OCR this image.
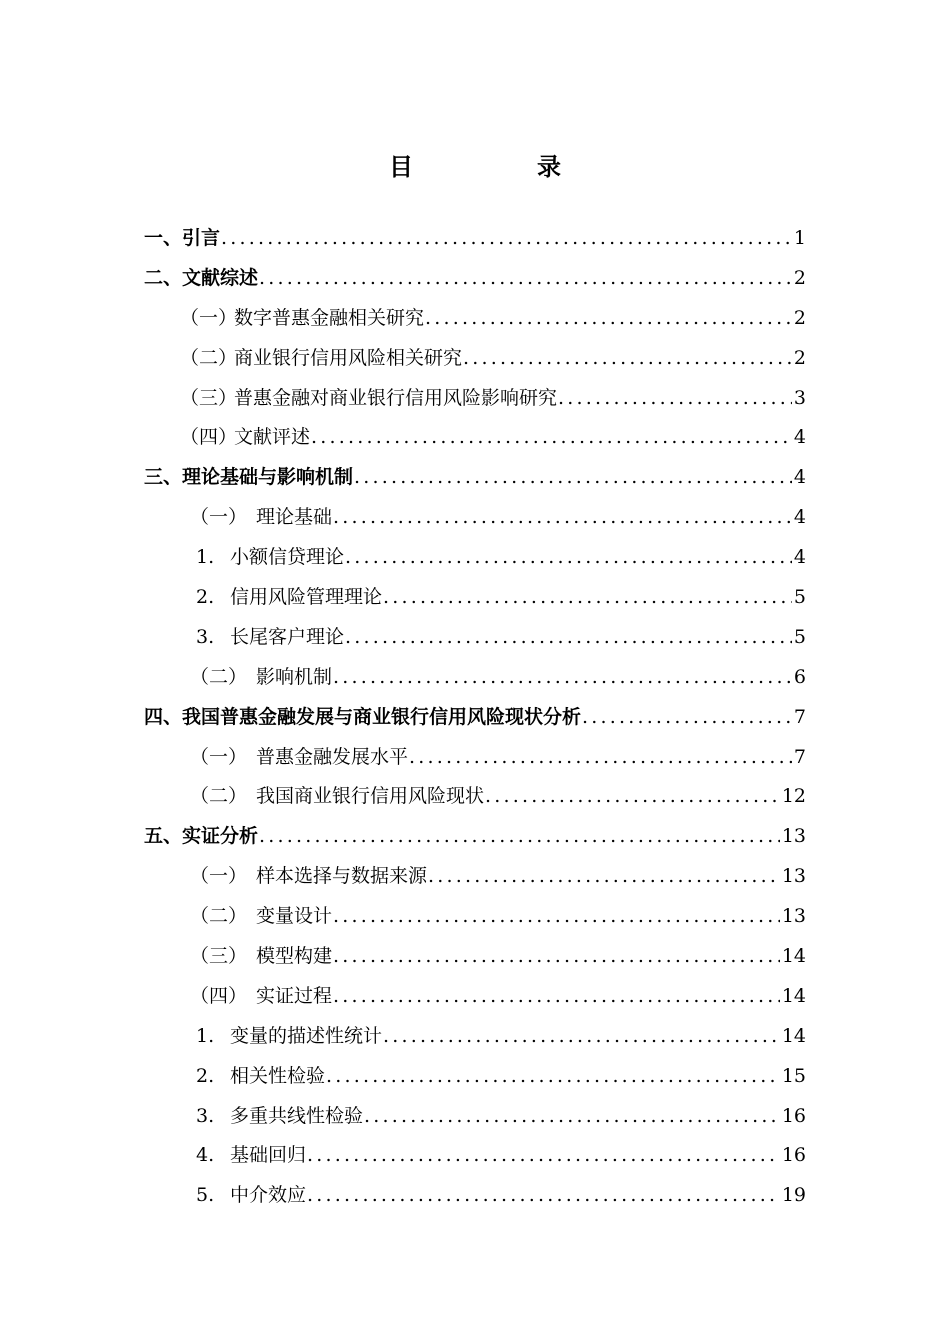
目　录
一、引言 .....	1
二、文献综述 .....	2
（一）数字普惠金融相关研究 .....	2
（二）商业银行信用风险相关研究 .....	2
（三）普惠金融对商业银行信用风险影响研究 .....	3
（四）文献评述 .....	4
三、理论基础与影响机制 .....	4
（一） 理论基础 .....	4
1. 小额信贷理论 .....	4
2. 信用风险管理理论 .....	5
3. 长尾客户理论 .....	5
（二） 影响机制 .....	6
四、我国普惠金融发展与商业银行信用风险现状分析 .....	7
（一） 普惠金融发展水平 .....	7
（二） 我国商业银行信用风险现状 .....	12
五、实证分析 .....	13
（一） 样本选择与数据来源 .....	13
（二） 变量设计 .....	13
（三） 模型构建 .....	14
（四） 实证过程 .....	14
1. 变量的描述性统计 .....	14
2. 相关性检验 .....	15
3. 多重共线性检验 .....	16
4. 基础回归 .....	16
5. 中介效应 .....	19
